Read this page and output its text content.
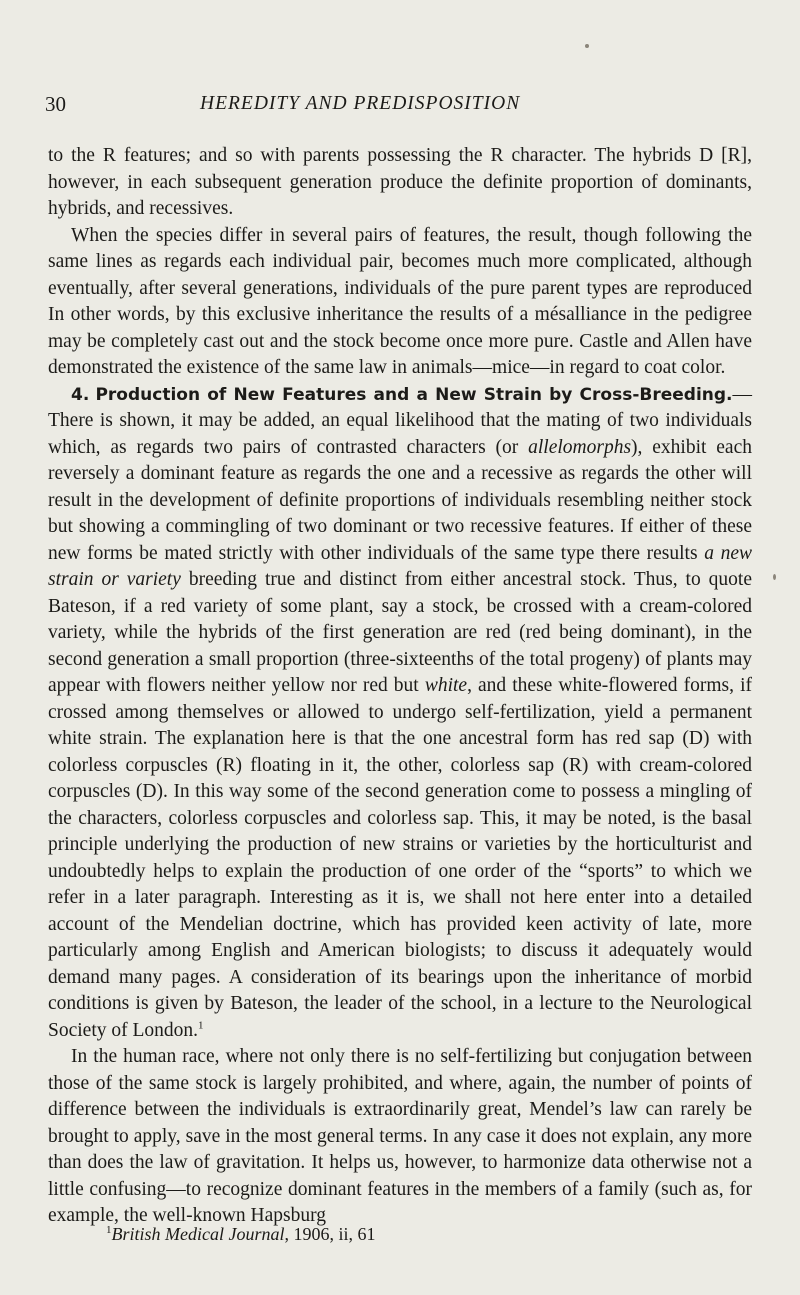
30	HEREDITY AND PREDISPOSITION

to the R features; and so with parents possessing the R character. The hybrids D [R], however, in each subsequent generation produce the definite proportion of dominants, hybrids, and recessives.

When the species differ in several pairs of features, the result, though following the same lines as regards each individual pair, becomes much more complicated, although eventually, after several generations, individuals of the pure parent types are reproduced In other words, by this exclusive inheritance the results of a mésalliance in the pedigree may be completely cast out and the stock become once more pure. Castle and Allen have demonstrated the existence of the same law in animals—mice—in regard to coat color.

4. Production of New Features and a New Strain by Cross-Breeding.—There is shown, it may be added, an equal likelihood that the mating of two individuals which, as regards two pairs of contrasted characters (or allelomorphs), exhibit each reversely a dominant feature as regards the one and a recessive as regards the other will result in the development of definite proportions of individuals resembling neither stock but showing a commingling of two dominant or two recessive features. If either of these new forms be mated strictly with other individuals of the same type there results a new strain or variety breeding true and distinct from either ancestral stock. Thus, to quote Bateson, if a red variety of some plant, say a stock, be crossed with a cream-colored variety, while the hybrids of the first generation are red (red being dominant), in the second generation a small proportion (three-sixteenths of the total progeny) of plants may appear with flowers neither yellow nor red but white, and these white-flowered forms, if crossed among themselves or allowed to undergo self-fertilization, yield a permanent white strain. The explanation here is that the one ancestral form has red sap (D) with colorless corpuscles (R) floating in it, the other, colorless sap (R) with cream-colored corpuscles (D). In this way some of the second generation come to possess a mingling of the characters, colorless corpuscles and colorless sap. This, it may be noted, is the basal principle underlying the production of new strains or varieties by the horticulturist and undoubtedly helps to explain the production of one order of the “sports” to which we refer in a later paragraph. Interesting as it is, we shall not here enter into a detailed account of the Mendelian doctrine, which has provided keen activity of late, more particularly among English and American biologists; to discuss it adequately would demand many pages. A consideration of its bearings upon the inheritance of morbid conditions is given by Bateson, the leader of the school, in a lecture to the Neurological Society of London.$^1$

In the human race, where not only there is no self-fertilizing but conjugation between those of the same stock is largely prohibited, and where, again, the number of points of difference between the individuals is extraordinarily great, Mendel’s law can rarely be brought to apply, save in the most general terms. In any case it does not explain, any more than does the law of gravitation. It helps us, however, to harmonize data otherwise not a little confusing—to recognize dominant features in the members of a family (such as, for example, the well-known Hapsburg

$^1$British Medical Journal, 1906, ii, 61
